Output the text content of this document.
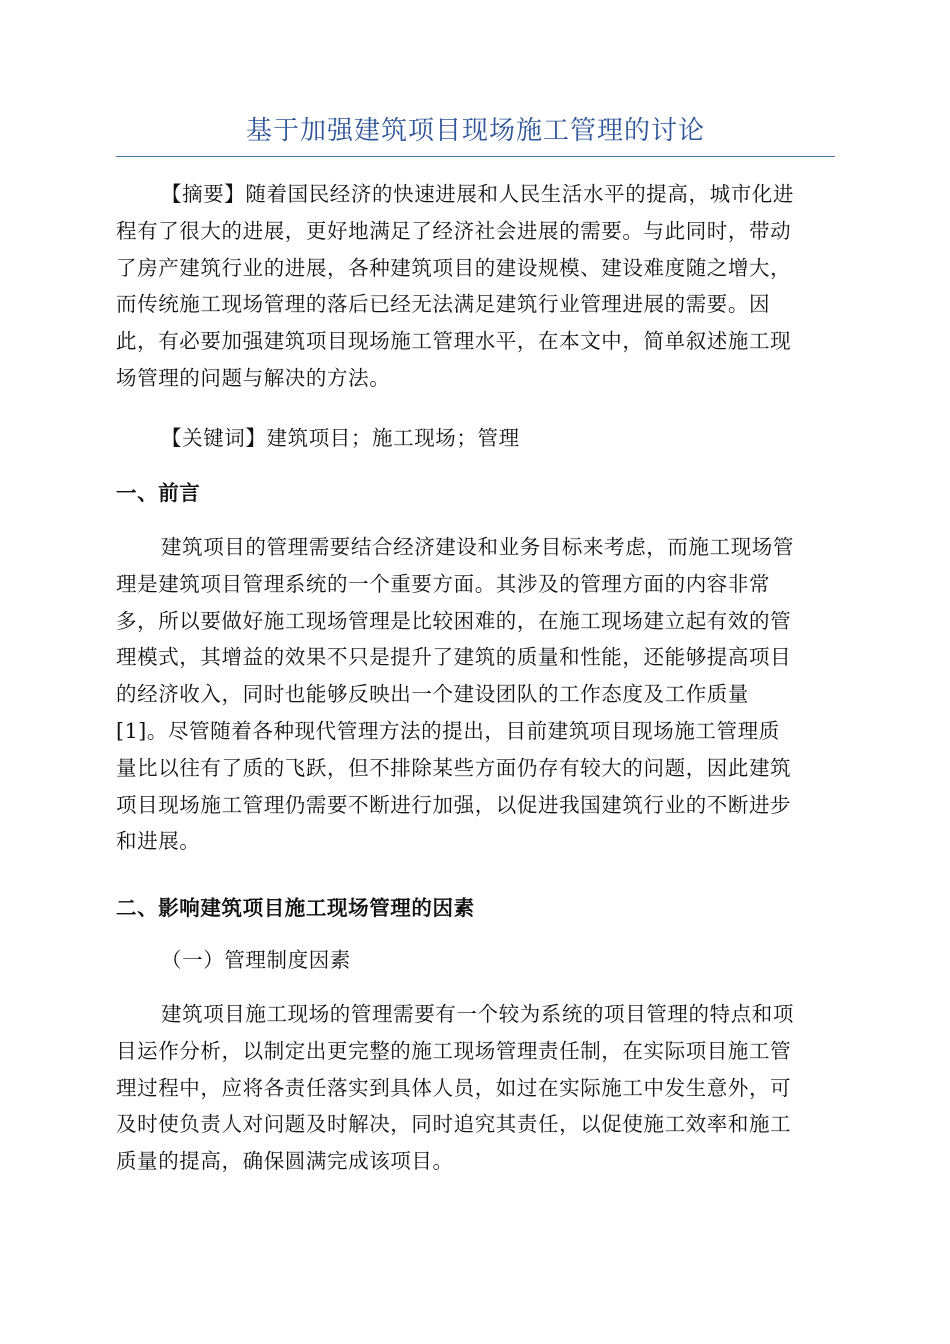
基于加强建筑项目现场施工管理的讨论
【摘要】随着国民经济的快速进展和人民生活水平的提高，城市化进
程有了很大的进展，更好地满足了经济社会进展的需要。与此同时，带动
了房产建筑行业的进展，各种建筑项目的建设规模、建设难度随之增大，
而传统施工现场管理的落后已经无法满足建筑行业管理进展的需要。因
此，有必要加强建筑项目现场施工管理水平，在本文中，简单叙述施工现
场管理的问题与解决的方法。
【关键词】建筑项目；施工现场；管理
一、前言
建筑项目的管理需要结合经济建设和业务目标来考虑，而施工现场管
理是建筑项目管理系统的一个重要方面。其涉及的管理方面的内容非常
多，所以要做好施工现场管理是比较困难的，在施工现场建立起有效的管
理模式，其增益的效果不只是提升了建筑的质量和性能，还能够提高项目
的经济收入，同时也能够反映出一个建设团队的工作态度及工作质量
[1]。尽管随着各种现代管理方法的提出，目前建筑项目现场施工管理质
量比以往有了质的飞跃，但不排除某些方面仍存有较大的问题，因此建筑
项目现场施工管理仍需要不断进行加强，以促进我国建筑行业的不断进步
和进展。
二、影响建筑项目施工现场管理的因素
（一）管理制度因素
建筑项目施工现场的管理需要有一个较为系统的项目管理的特点和项
目运作分析，以制定出更完整的施工现场管理责任制，在实际项目施工管
理过程中，应将各责任落实到具体人员，如过在实际施工中发生意外，可
及时使负责人对问题及时解决，同时追究其责任，以促使施工效率和施工
质量的提高，确保圆满完成该项目。
